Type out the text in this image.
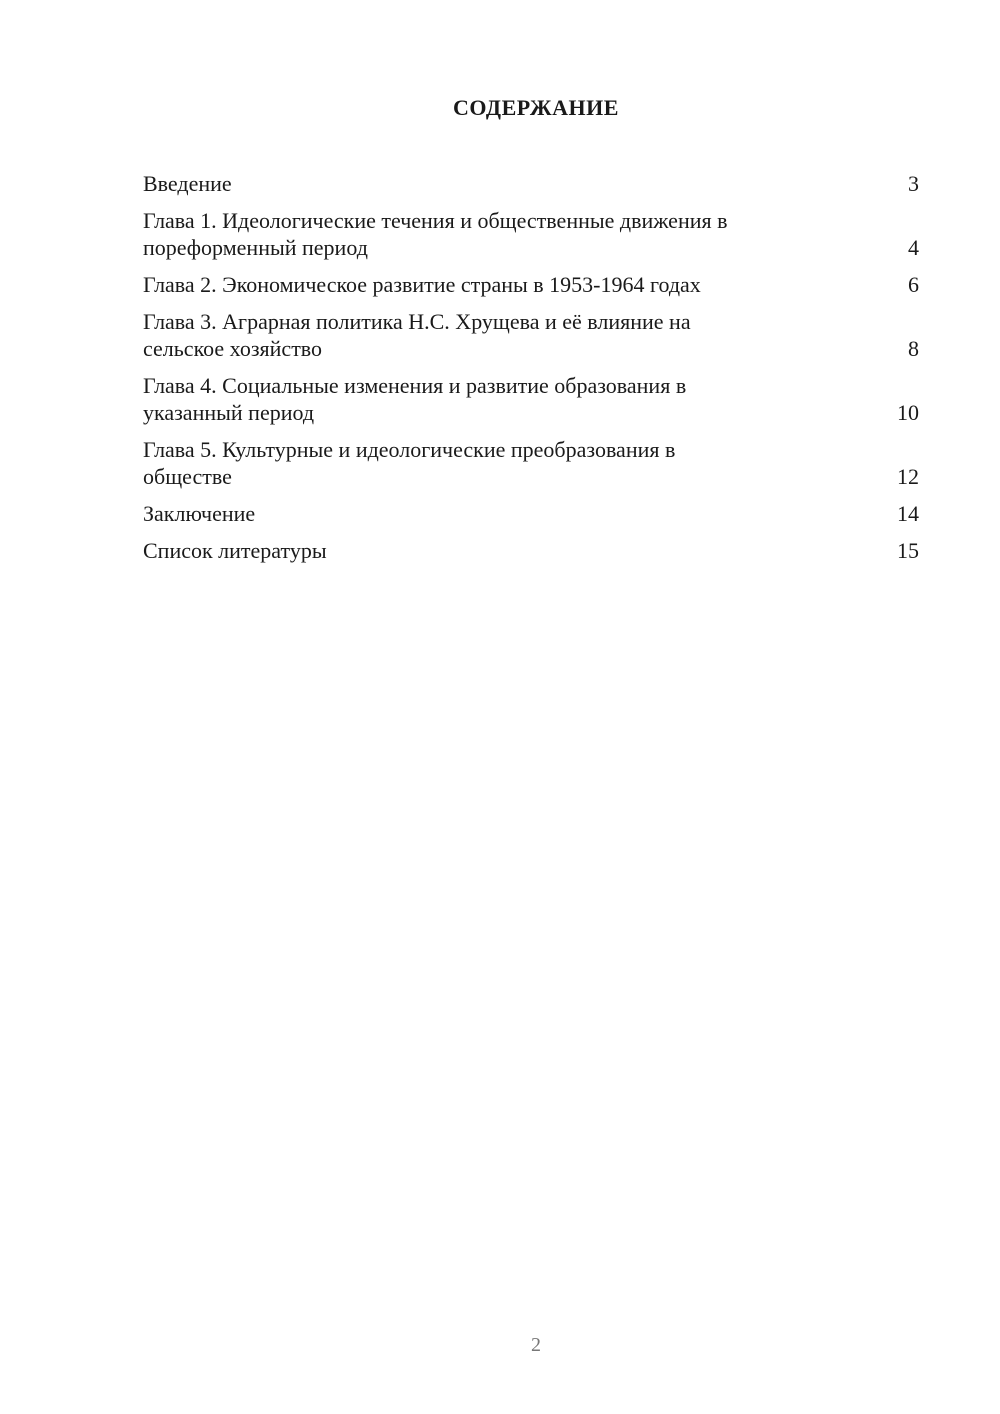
СОДЕРЖАНИЕ
Введение	3
Глава 1. Идеологические течения и общественные движения в
пореформенный период	4
Глава 2. Экономическое развитие страны в 1953-1964 годах	6
Глава 3. Аграрная политика Н.С. Хрущева и её влияние на
сельское хозяйство	8
Глава 4. Социальные изменения и развитие образования в
указанный период	10
Глава 5. Культурные и идеологические преобразования в
обществе	12
Заключение	14
Список литературы	15
2
